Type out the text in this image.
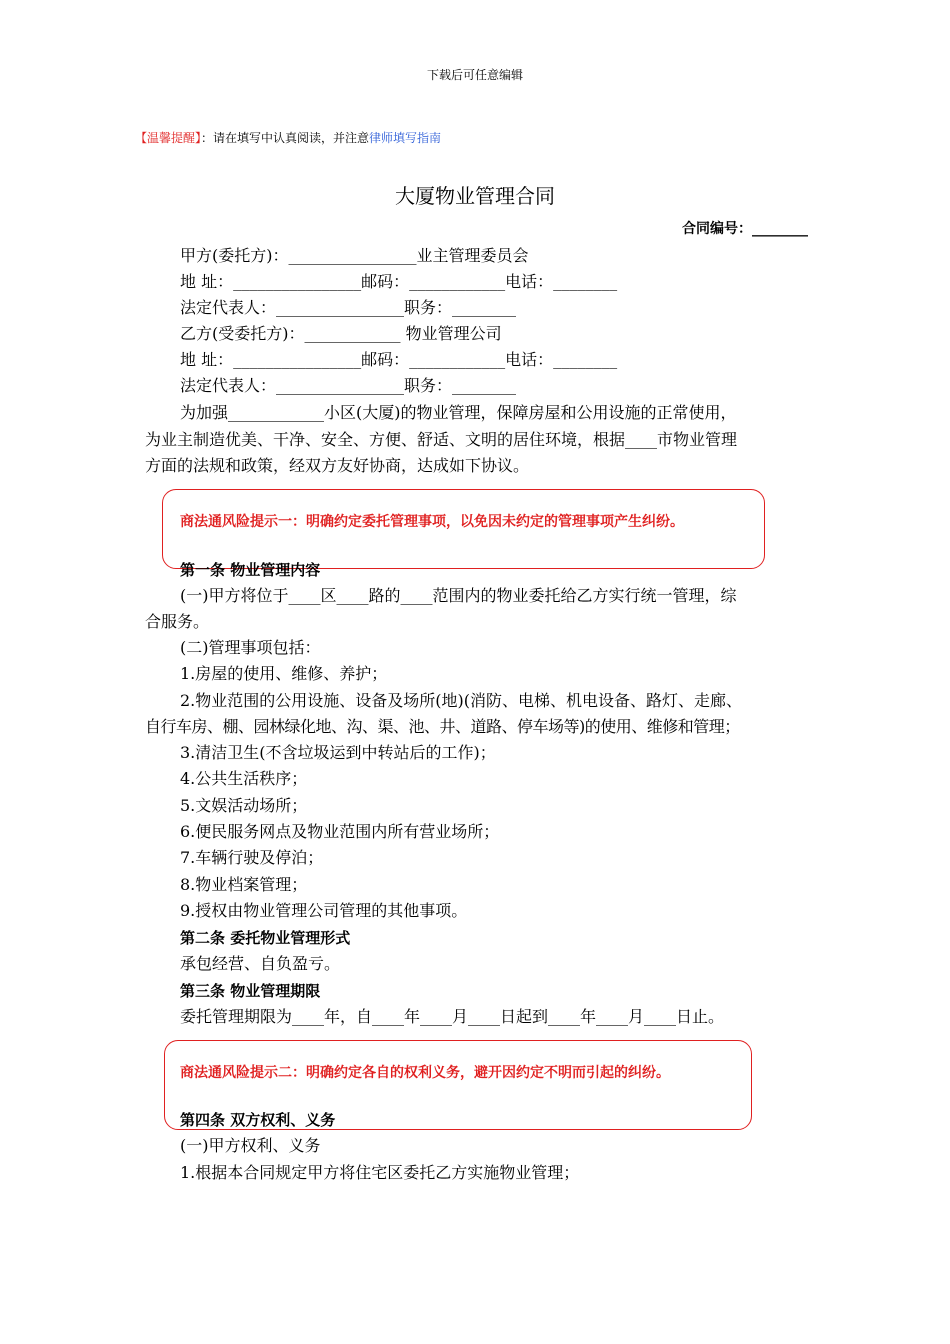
下载后可任意编辑
【温馨提醒】：请在填写中认真阅读，并注意律师填写指南
大厦物业管理合同
合同编号：________
甲方(委托方)：________________业主管理委员会
地 址：________________邮码：____________电话：________
法定代表人：________________职务：________
乙方(受委托方)：____________ 物业管理公司
地 址：________________邮码：____________电话：________
法定代表人：________________职务：________
为加强____________小区(大厦)的物业管理，保障房屋和公用设施的正常使用，
为业主制造优美、干净、安全、方便、舒适、文明的居住环境，根据____市物业管理
方面的法规和政策，经双方友好协商，达成如下协议。
商法通风险提示一：明确约定委托管理事项，以免因未约定的管理事项产生纠纷。
第一条 物业管理内容
(一)甲方将位于____区____路的____范围内的物业委托给乙方实行统一管理，综
合服务。
(二)管理事项包括：
1.房屋的使用、维修、养护；
2.物业范围的公用设施、设备及场所(地)(消防、电梯、机电设备、路灯、走廊、
自行车房、棚、园林绿化地、沟、渠、池、井、道路、停车场等)的使用、维修和管理；
3.清洁卫生(不含垃圾运到中转站后的工作)；
4.公共生活秩序；
5.文娱活动场所；
6.便民服务网点及物业范围内所有营业场所；
7.车辆行驶及停泊；
8.物业档案管理；
9.授权由物业管理公司管理的其他事项。
第二条 委托物业管理形式
承包经营、自负盈亏。
第三条 物业管理期限
委托管理期限为____年，自____年____月____日起到____年____月____日止。
商法通风险提示二：明确约定各自的权利义务，避开因约定不明而引起的纠纷。
第四条 双方权利、义务
(一)甲方权利、义务
1.根据本合同规定甲方将住宅区委托乙方实施物业管理；
